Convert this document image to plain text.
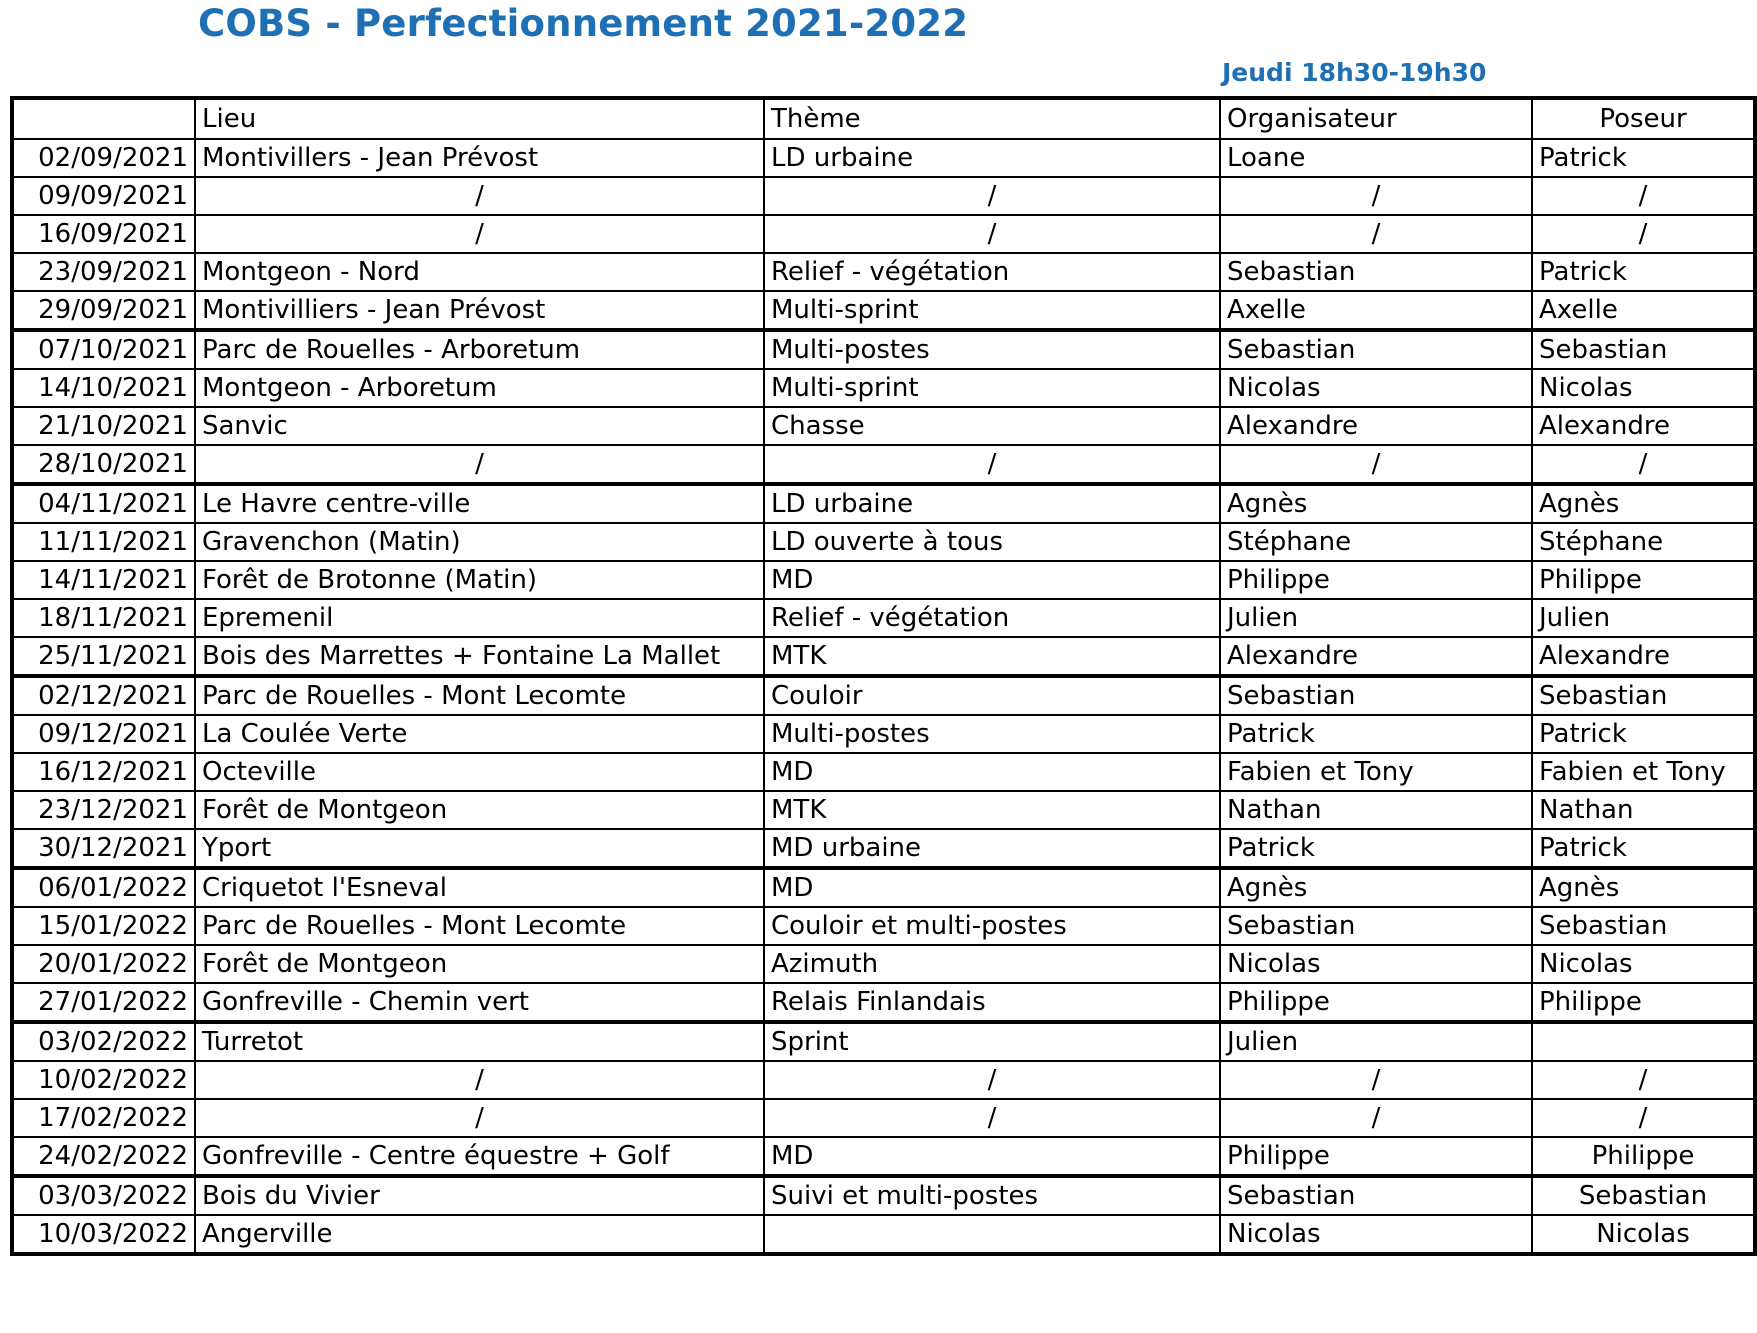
COBS - Perfectionnement 2021-2022
Jeudi 18h30-19h30
	Lieu	Thème	Organisateur	Poseur
02/09/2021	Montivillers - Jean Prévost	LD urbaine	Loane	Patrick
09/09/2021	/	/	/	/
16/09/2021	/	/	/	/
23/09/2021	Montgeon - Nord	Relief - végétation	Sebastian	Patrick
29/09/2021	Montivilliers - Jean Prévost	Multi-sprint	Axelle	Axelle
07/10/2021	Parc de Rouelles - Arboretum	Multi-postes	Sebastian	Sebastian
14/10/2021	Montgeon - Arboretum	Multi-sprint	Nicolas	Nicolas
21/10/2021	Sanvic	Chasse	Alexandre	Alexandre
28/10/2021	/	/	/	/
04/11/2021	Le Havre centre-ville	LD urbaine	Agnès	Agnès
11/11/2021	Gravenchon (Matin)	LD ouverte à tous	Stéphane	Stéphane
14/11/2021	Forêt de Brotonne (Matin)	MD	Philippe	Philippe
18/11/2021	Epremenil	Relief - végétation	Julien	Julien
25/11/2021	Bois des Marrettes + Fontaine La Mallet	MTK	Alexandre	Alexandre
02/12/2021	Parc de Rouelles - Mont Lecomte	Couloir	Sebastian	Sebastian
09/12/2021	La Coulée Verte	Multi-postes	Patrick	Patrick
16/12/2021	Octeville	MD	Fabien et Tony	Fabien et Tony
23/12/2021	Forêt de Montgeon	MTK	Nathan	Nathan
30/12/2021	Yport	MD urbaine	Patrick	Patrick
06/01/2022	Criquetot l'Esneval	MD	Agnès	Agnès
15/01/2022	Parc de Rouelles - Mont Lecomte	Couloir et multi-postes	Sebastian	Sebastian
20/01/2022	Forêt de Montgeon	Azimuth	Nicolas	Nicolas
27/01/2022	Gonfreville - Chemin vert	Relais Finlandais	Philippe	Philippe
03/02/2022	Turretot	Sprint	Julien	
10/02/2022	/	/	/	/
17/02/2022	/	/	/	/
24/02/2022	Gonfreville - Centre équestre + Golf	MD	Philippe	Philippe
03/03/2022	Bois du Vivier	Suivi et multi-postes	Sebastian	Sebastian
10/03/2022	Angerville		Nicolas	Nicolas
